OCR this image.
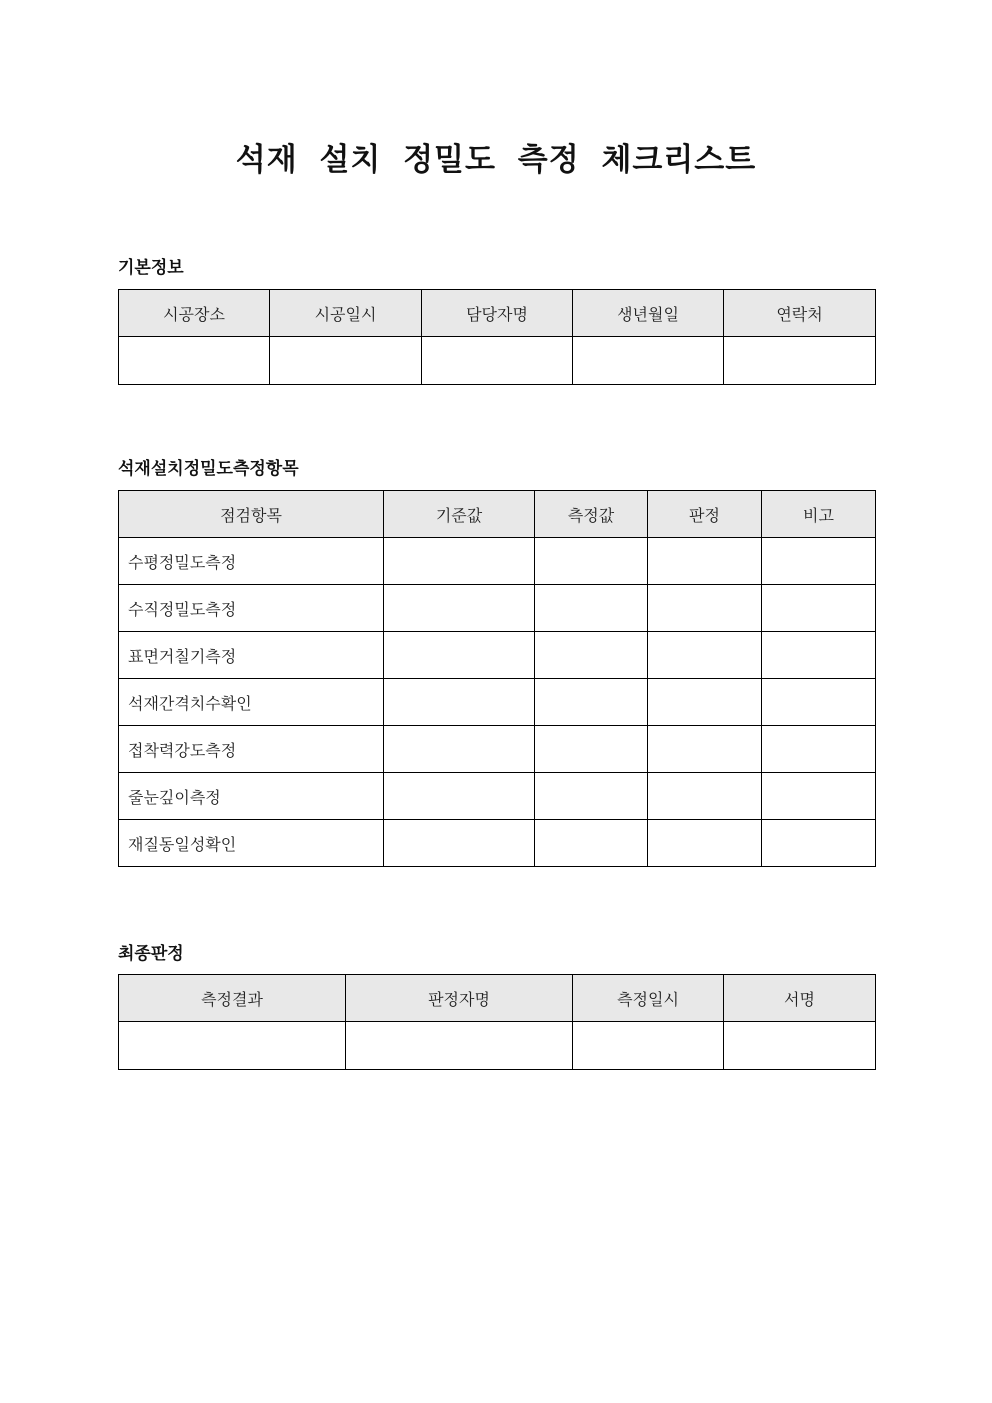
석재 설치 정밀도 측정 체크리스트
기본정보
시공장소	시공일시	담당자명	생년월일	연락처

석재설치정밀도측정항목
점검항목	기준값	측정값	판정	비고
수평정밀도측정				
수직정밀도측정				
표면거칠기측정				
석재간격치수확인				
접착력강도측정				
줄눈깊이측정				
재질동일성확인				
최종판정
측정결과	판정자명	측정일시	서명
